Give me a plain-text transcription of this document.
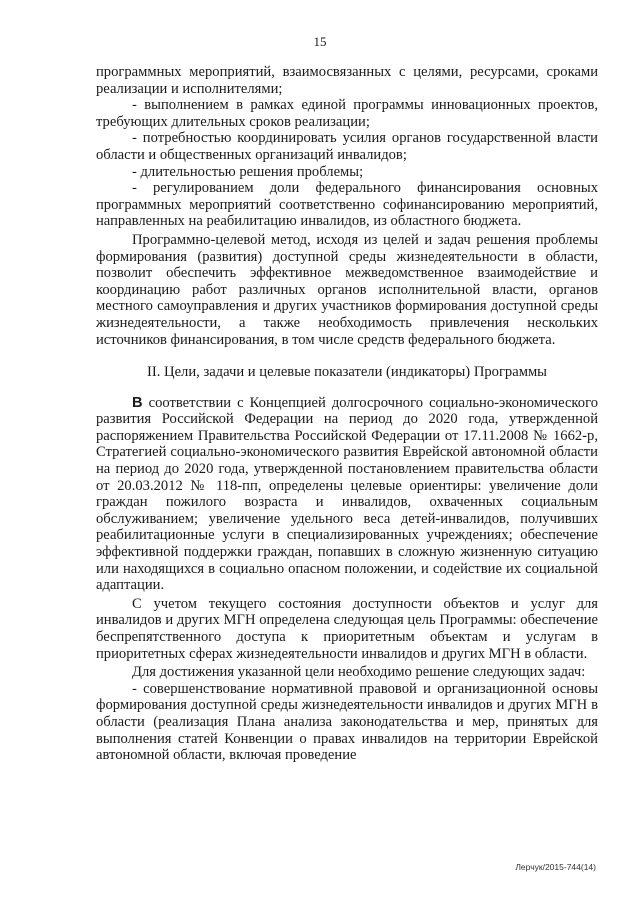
15

программных мероприятий, взаимосвязанных с целями, ресурсами, сроками реализации и исполнителями;

- выполнением в рамках единой программы инновационных проектов, требующих длительных сроков реализации;

- потребностью координировать усилия органов государственной власти области и общественных организаций инвалидов;

- длительностью решения проблемы;

- регулированием доли федерального финансирования основных программных мероприятий соответственно софинансированию мероприятий, направленных на реабилитацию инвалидов, из областного бюджета.

Программно-целевой метод, исходя из целей и задач решения проблемы формирования (развития) доступной среды жизнедеятельности в области, позволит обеспечить эффективное межведомственное взаимодействие и координацию работ различных органов исполнительной власти, органов местного самоуправления и других участников формирования доступной среды жизнедеятельности, а также необходимость привлечения нескольких источников финансирования, в том числе средств федерального бюджета.

II. Цели, задачи и целевые показатели (индикаторы) Программы

В соответствии с Концепцией долгосрочного социально-экономического развития Российской Федерации на период до 2020 года, утвержденной распоряжением Правительства Российской Федерации от 17.11.2008 № 1662-р, Стратегией социально-экономического развития Еврейской автономной области на период до 2020 года, утвержденной постановлением правительства области от 20.03.2012 № 118-пп, определены целевые ориентиры: увеличение доли граждан пожилого возраста и инвалидов, охваченных социальным обслуживанием; увеличение удельного веса детей-инвалидов, получивших реабилитационные услуги в специализированных учреждениях; обеспечение эффективной поддержки граждан, попавших в сложную жизненную ситуацию или находящихся в социально опасном положении, и содействие их социальной адаптации.

С учетом текущего состояния доступности объектов и услуг для инвалидов и других МГН определена следующая цель Программы: обеспечение беспрепятственного доступа к приоритетным объектам и услугам в приоритетных сферах жизнедеятельности инвалидов и других МГН в области.

Для достижения указанной цели необходимо решение следующих задач:

- совершенствование нормативной правовой и организационной основы формирования доступной среды жизнедеятельности инвалидов и других МГН в области (реализация Плана анализа законодательства и мер, принятых для выполнения статей Конвенции о правах инвалидов на территории Еврейской автономной области, включая проведение

Лерчук/2015-744(14)
